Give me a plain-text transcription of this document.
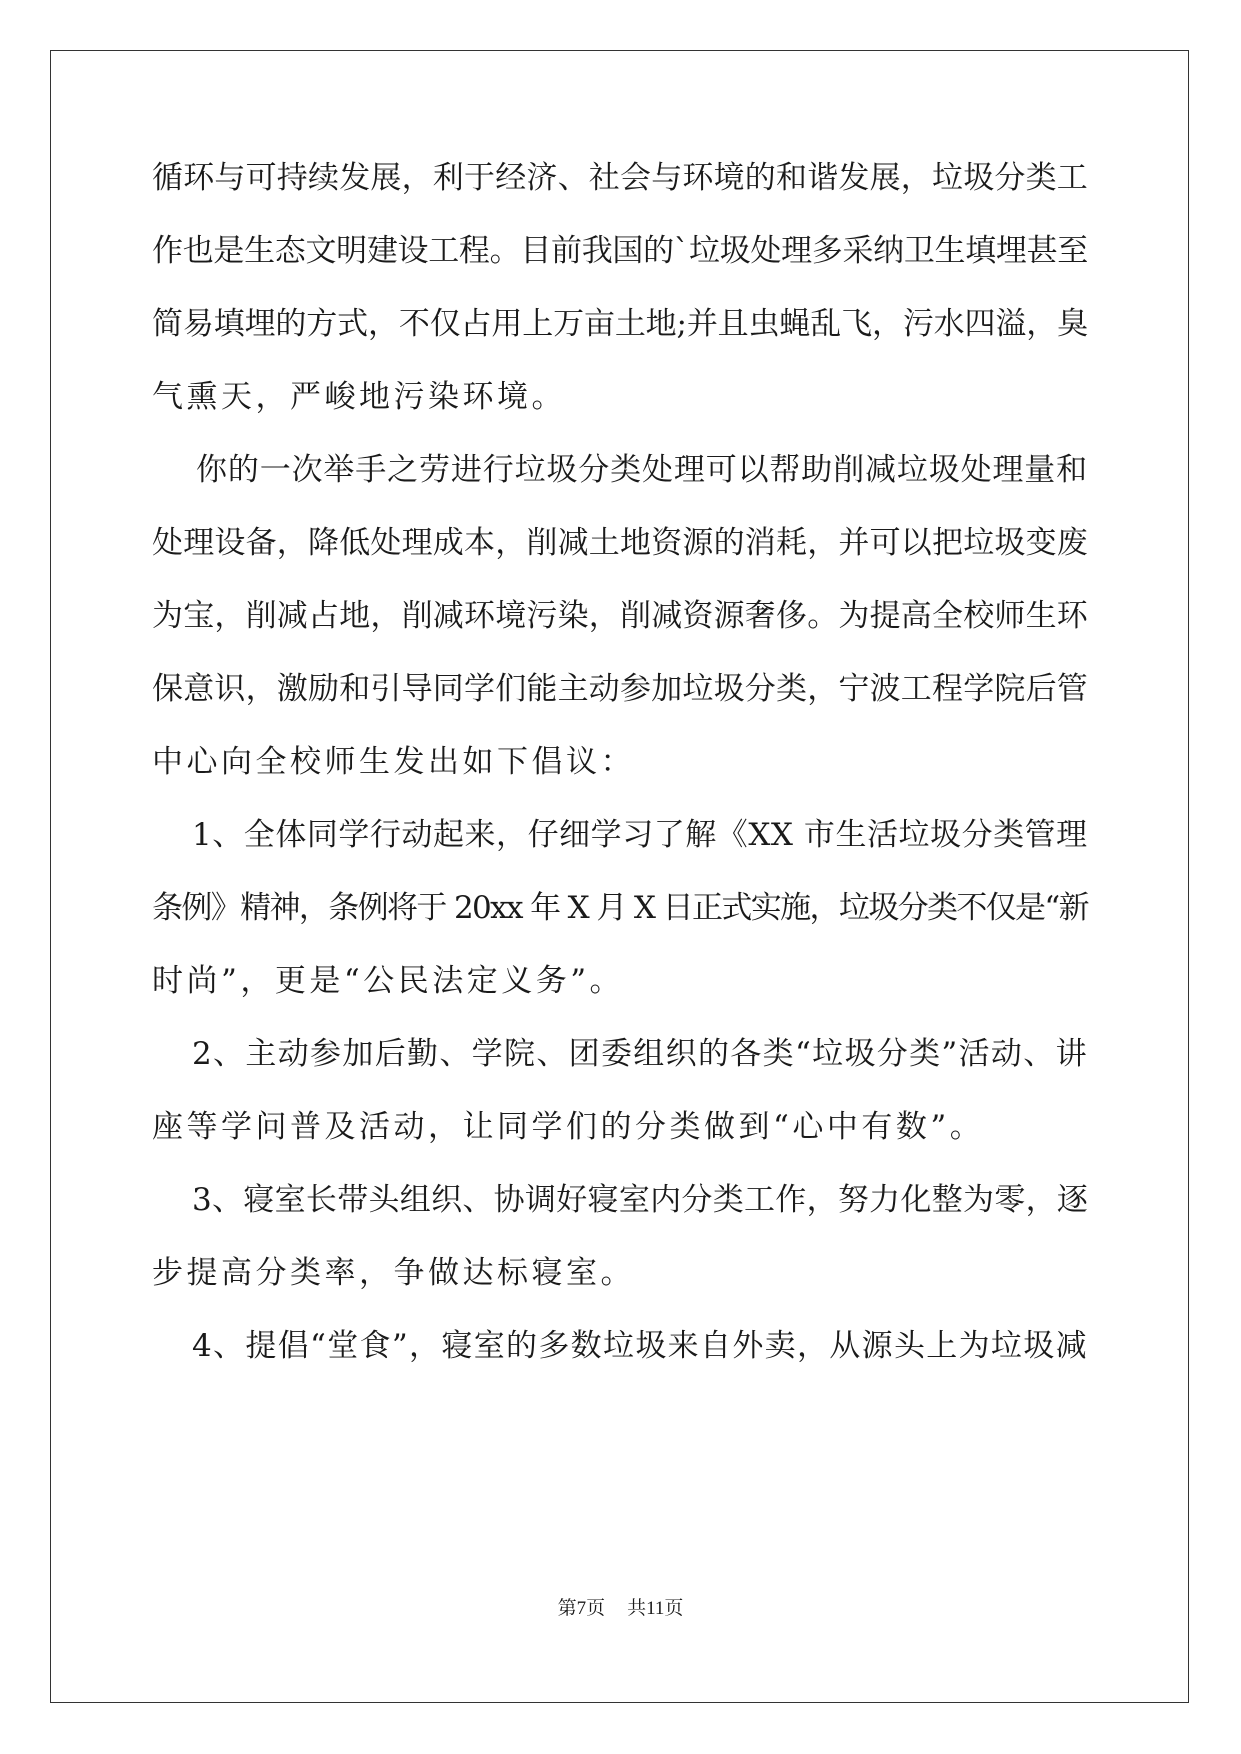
循环与可持续发展，利于经济、社会与环境的和谐发展，垃圾分类工
作也是生态文明建设工程。目前我国的`垃圾处理多采纳卫生填埋甚至
简易填埋的方式，不仅占用上万亩土地;并且虫蝇乱飞，污水四溢，臭
气熏天，严峻地污染环境。
你的一次举手之劳进行垃圾分类处理可以帮助削减垃圾处理量和
处理设备，降低处理成本，削减土地资源的消耗，并可以把垃圾变废
为宝，削减占地，削减环境污染，削减资源奢侈。为提高全校师生环
保意识，激励和引导同学们能主动参加垃圾分类，宁波工程学院后管
中心向全校师生发出如下倡议：
1、全体同学行动起来，仔细学习了解《XX 市生活垃圾分类管理
条例》精神，条例将于 20xx 年 X 月 X 日正式实施，垃圾分类不仅是“新
时尚”，更是“公民法定义务”。
2、主动参加后勤、学院、团委组织的各类“垃圾分类”活动、讲
座等学问普及活动，让同学们的分类做到“心中有数”。
3、寝室长带头组织、协调好寝室内分类工作，努力化整为零，逐
步提高分类率，争做达标寝室。
4、提倡“堂食”，寝室的多数垃圾来自外卖，从源头上为垃圾减
第7页 共11页
